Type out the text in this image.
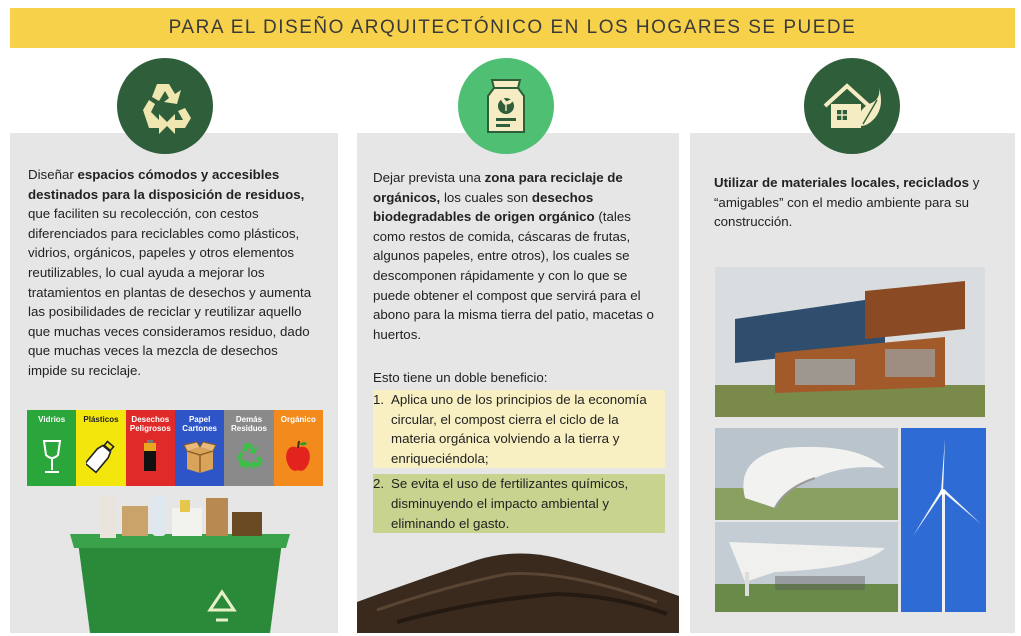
PARA EL DISEÑO ARQUITECTÓNICO EN LOS HOGARES SE PUEDE
Diseñar espacios cómodos y accesibles destinados para la disposición de residuos, que faciliten su recolección, con cestos diferenciados para reciclables como plásticos, vidrios, orgánicos, papeles y otros elementos reutilizables, lo cual ayuda a mejorar los tratamientos en plantas de desechos y aumenta las posibilidades de reciclar y reutilizar aquello que muchas veces consideramos residuo, dado que muchas veces la mezcla de desechos impide su reciclaje.
Vidrios Plásticos	Desechos Peligrosos
Papel Cartones
Demás Residuos
Orgánico
Dejar prevista una zona para reciclaje de orgánicos, los cuales son desechos biodegradables de origen orgánico (tales como restos de comida, cáscaras de frutas, algunos papeles, entre otros), los cuales se descomponen rápidamente y con lo que se puede obtener el compost que servirá para el abono para la misma tierra del patio, macetas o huertos.
Esto tiene un doble beneficio:
1. Aplica uno de los principios de la economía circular, el compost cierra el ciclo de la materia orgánica volviendo a la tierra y enriqueciéndola;
2. Se evita el uso de fertilizantes químicos, disminuyendo el impacto ambiental y eliminando el gasto.
Utilizar de materiales locales, reciclados y “amigables” con el medio ambiente para su construcción.
